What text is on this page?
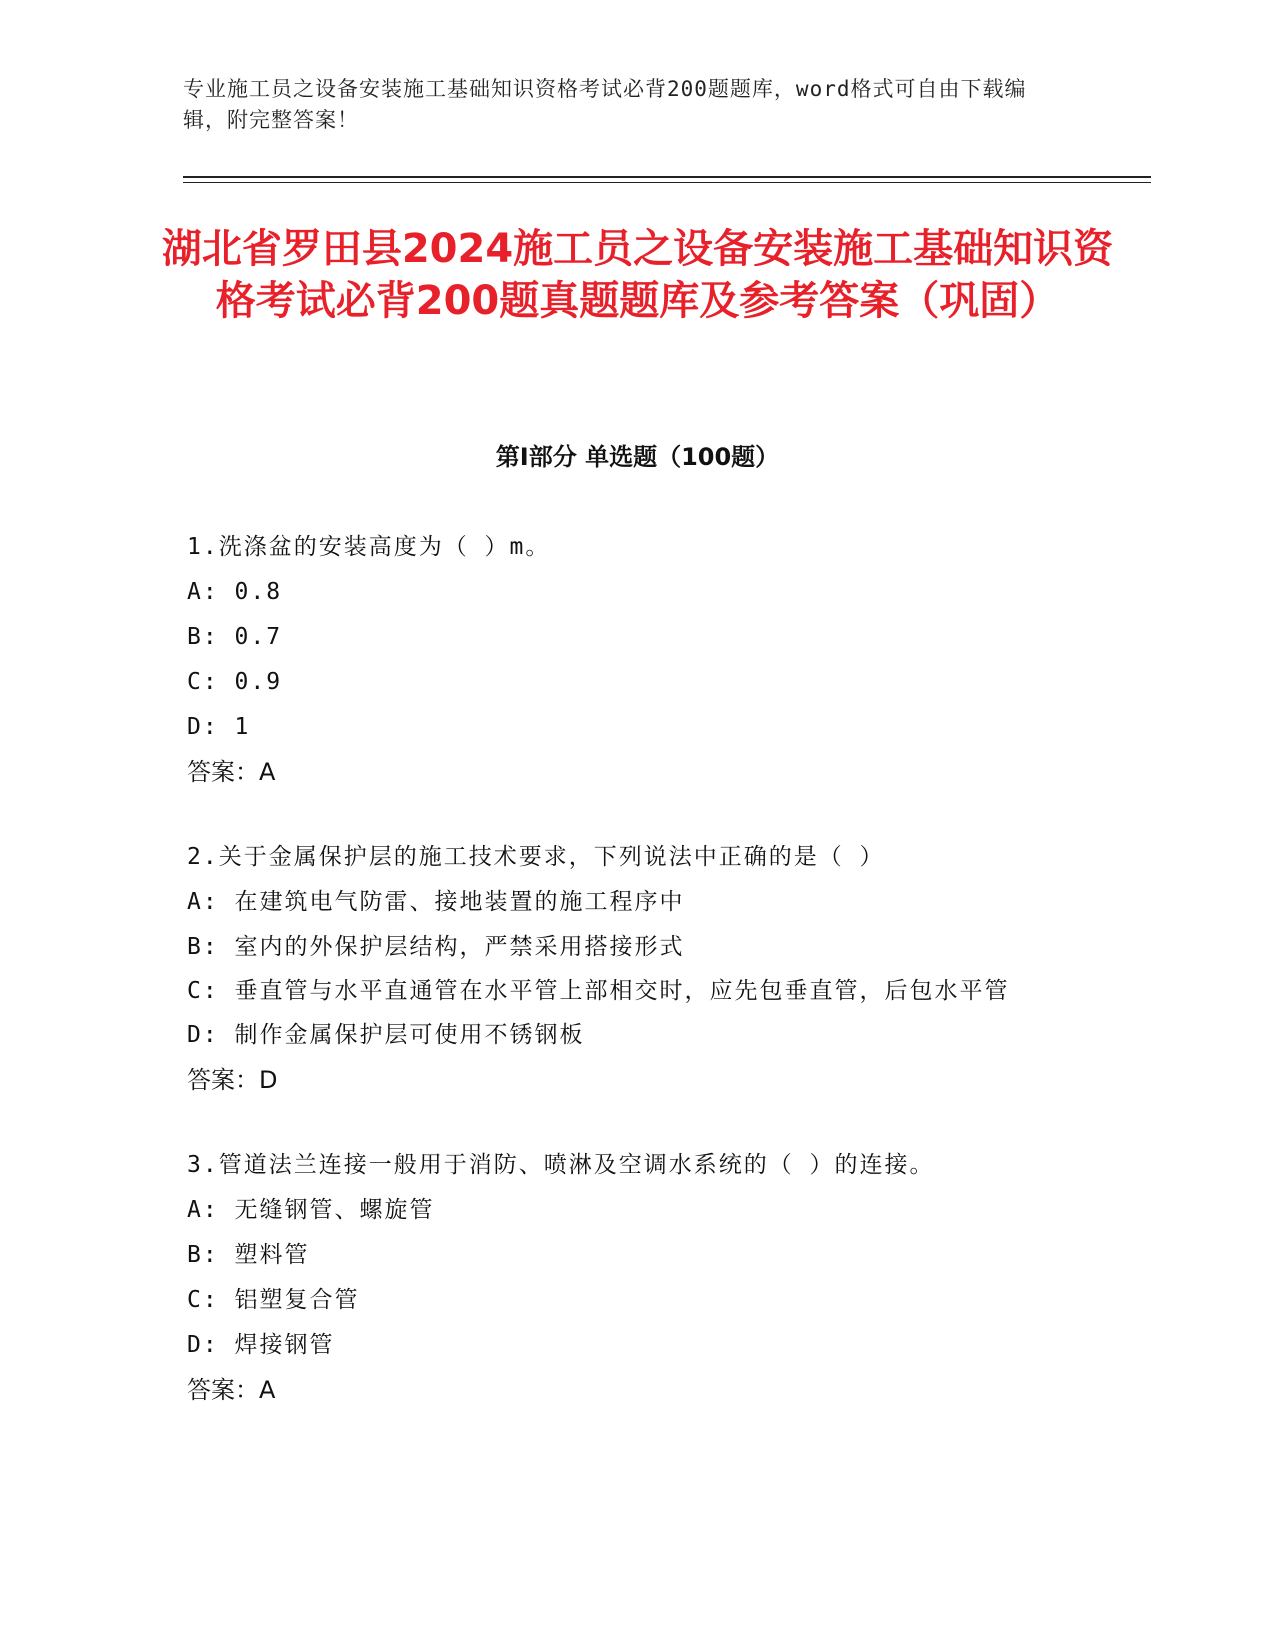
专业施工员之设备安装施工基础知识资格考试必背200题题库，word格式可自由下载编辑，附完整答案！
湖北省罗田县2024施工员之设备安装施工基础知识资格考试必背200题真题题库及参考答案（巩固）
第Ⅰ部分 单选题（100题）
1.洗涤盆的安装高度为（ ）m。
A: 0.8
B: 0.7
C: 0.9
D: 1
答案：A
2.关于金属保护层的施工技术要求，下列说法中正确的是（ ）
A: 在建筑电气防雷、接地装置的施工程序中
B: 室内的外保护层结构，严禁采用搭接形式
C: 垂直管与水平直通管在水平管上部相交时，应先包垂直管，后包水平管
D: 制作金属保护层可使用不锈钢板
答案：D
3.管道法兰连接一般用于消防、喷淋及空调水系统的（ ）的连接。
A: 无缝钢管、螺旋管
B: 塑料管
C: 铝塑复合管
D: 焊接钢管
答案：A
